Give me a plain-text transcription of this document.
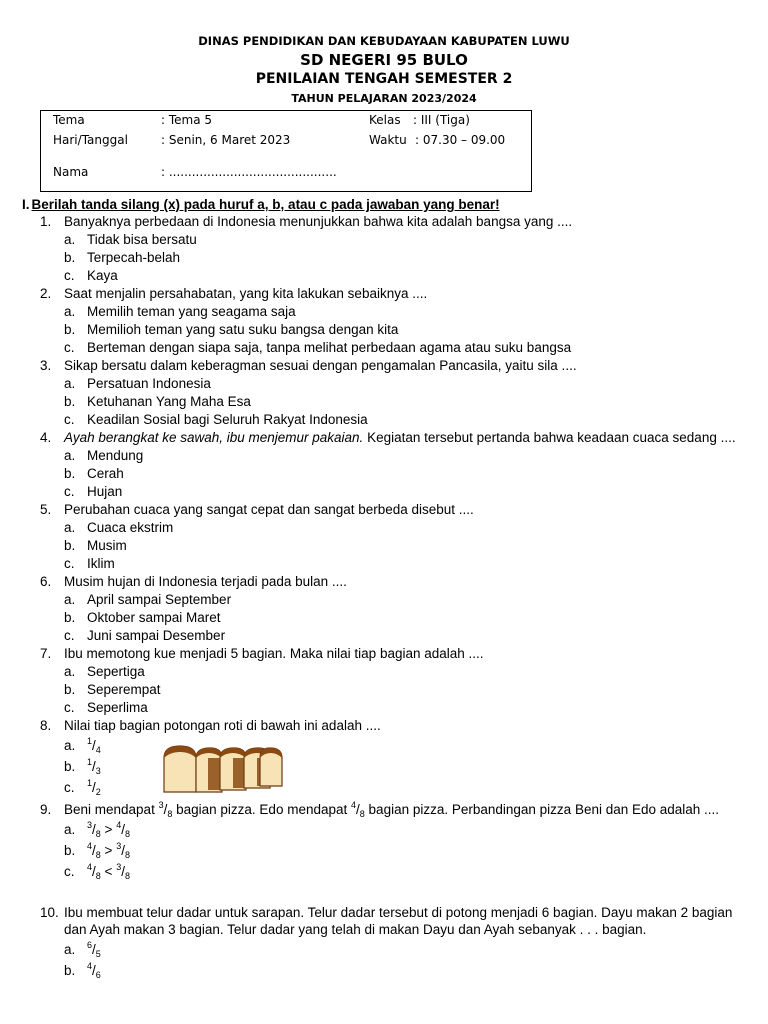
DINAS PENDIDIKAN DAN KEBUDAYAAN KABUPATEN LUWU
SD NEGERI 95 BULO
PENILAIAN TENGAH SEMESTER 2
TAHUN PELAJARAN 2023/2024
Tema	: Tema 5	Kelas : III (Tiga)
Hari/Tanggal	: Senin, 6 Maret 2023	Waktu : 07.30 – 09.00
Nama	: ............................................
I. Berilah tanda silang (x) pada huruf a, b, atau c pada jawaban yang benar!
1. Banyaknya perbedaan di Indonesia menunjukkan bahwa kita adalah bangsa yang ....
a. Tidak bisa bersatu
b. Terpecah-belah
c. Kaya
2. Saat menjalin persahabatan, yang kita lakukan sebaiknya ....
a. Memilih teman yang seagama saja
b. Memilioh teman yang satu suku bangsa dengan kita
c. Berteman dengan siapa saja, tanpa melihat perbedaan agama atau suku bangsa
3. Sikap bersatu dalam keberagman sesuai dengan pengamalan Pancasila, yaitu sila ....
a. Persatuan Indonesia
b. Ketuhanan Yang Maha Esa
c. Keadilan Sosial bagi Seluruh Rakyat Indonesia
4. Ayah berangkat ke sawah, ibu menjemur pakaian. Kegiatan tersebut pertanda bahwa keadaan cuaca sedang ....
a. Mendung
b. Cerah
c. Hujan
5. Perubahan cuaca yang sangat cepat dan sangat berbeda disebut ....
a. Cuaca ekstrim
b. Musim
c. Iklim
6. Musim hujan di Indonesia terjadi pada bulan ....
a. April sampai September
b. Oktober sampai Maret
c. Juni sampai Desember
7. Ibu memotong kue menjadi 5 bagian. Maka nilai tiap bagian adalah ....
a. Sepertiga
b. Seperempat
c. Seperlima
8. Nilai tiap bagian potongan roti di bawah ini adalah ....
a. $^1/_4$
b. $^1/_3$
c. $^1/_2$
9. Beni mendapat $^3/_8$ bagian pizza. Edo mendapat $^4/_8$ bagian pizza. Perbandingan pizza Beni dan Edo adalah ....
a. $^3/_8 > ^4/_8$
b. $^4/_8 > ^3/_8$
c. $^4/_8 < ^3/_8$
10. Ibu membuat telur dadar untuk sarapan. Telur dadar tersebut di potong menjadi 6 bagian. Dayu makan 2 bagian dan Ayah makan 3 bagian. Telur dadar yang telah di makan Dayu dan Ayah sebanyak . . . bagian.
a. $^6/_5$
b. $^4/_6$
